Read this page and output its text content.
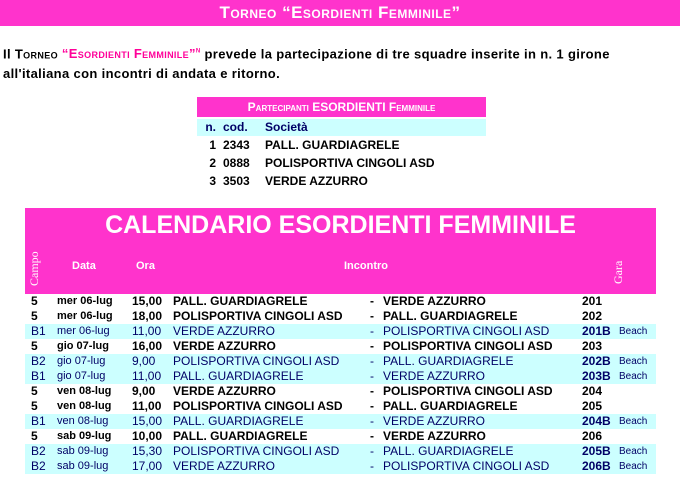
Torneo “Esordienti Femminile”
Il Torneo “Esordienti Femminile”$^n$ prevede la partecipazione di tre squadre inserite in n. 1 girone all'italiana con incontri di andata e ritorno.
Partecipanti ESORDIENTI Femminile
n. cod. Società
1 2343 PALL. GUARDIAGRELE
2 0888 POLISPORTIVA CINGOLI ASD
3 3503 VERDE AZZURRO
CALENDARIO ESORDIENTI FEMMINILE
Campo	Data	Ora	Incontro	Gara
5 mer 06-lug 15,00 PALL. GUARDIAGRELE	- VERDE AZZURRO	201
5 mer 06-lug 18,00 POLISPORTIVA CINGOLI ASD - PALL. GUARDIAGRELE	202
B1 mer 06-lug 11,00 VERDE AZZURRO	- POLISPORTIVA CINGOLI ASD	201B Beach
5 gio 07-lug 16,00 VERDE AZZURRO	- POLISPORTIVA CINGOLI ASD 203
B2 gio 07-lug 9,00 POLISPORTIVA CINGOLI ASD	- PALL. GUARDIAGRELE	202B Beach
B1 gio 07-lug 11,00 PALL. GUARDIAGRELE	- VERDE AZZURRO	203B Beach
5 ven 08-lug 9,00 VERDE AZZURRO	- POLISPORTIVA CINGOLI ASD 204
5 ven 08-lug 11,00 POLISPORTIVA CINGOLI ASD - PALL. GUARDIAGRELE	205
B1 ven 08-lug 15,00 PALL. GUARDIAGRELE	- VERDE AZZURRO	204B Beach
5 sab 09-lug 10,00 PALL. GUARDIAGRELE	- VERDE AZZURRO	206
B2 sab 09-lug 15,30 POLISPORTIVA CINGOLI ASD	- PALL. GUARDIAGRELE	205B Beach
B2 sab 09-lug 17,00 VERDE AZZURRO	- POLISPORTIVA CINGOLI ASD	206B Beach
